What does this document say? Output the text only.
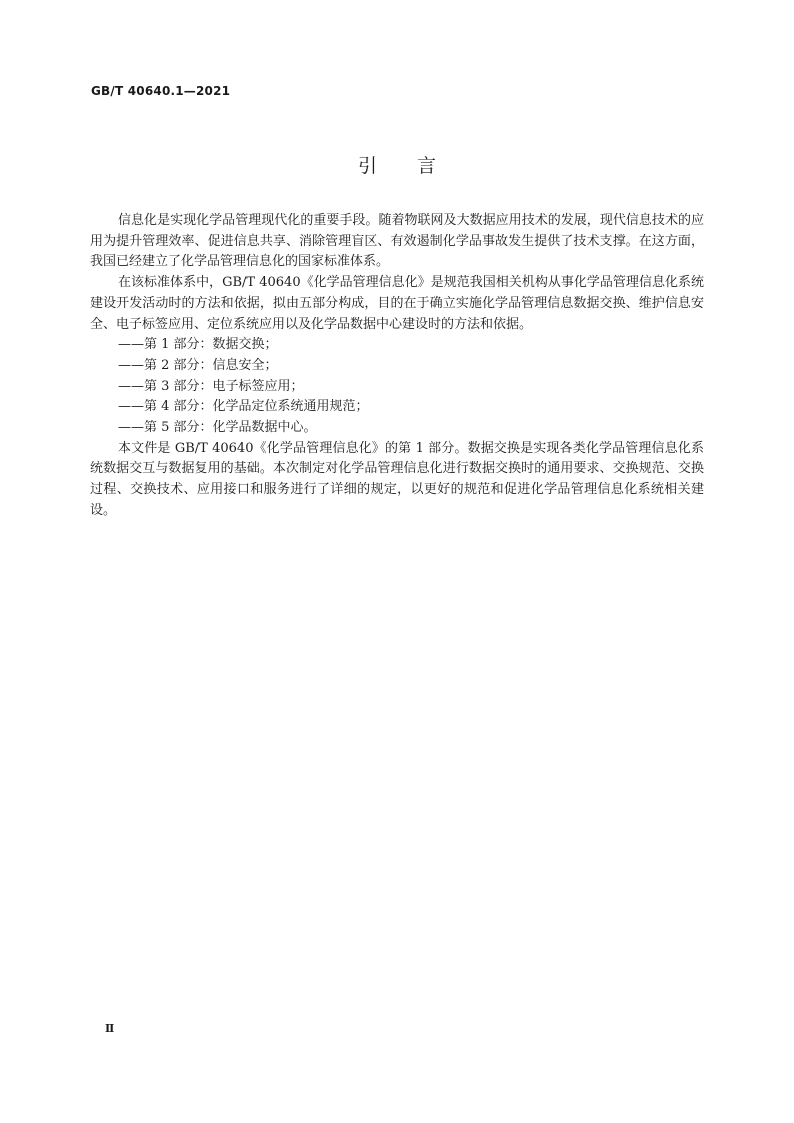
GB/T 40640.1—2021
引言

信息化是实现化学品管理现代化的重要手段。随着物联网及大数据应用技术的发展，现代信息技术的应用为提升管理效率、促进信息共享、消除管理盲区、有效遏制化学品事故发生提供了技术支撑。在这方面，我国已经建立了化学品管理信息化的国家标准体系。

在该标准体系中，GB/T 40640《化学品管理信息化》是规范我国相关机构从事化学品管理信息化系统建设开发活动时的方法和依据，拟由五部分构成，目的在于确立实施化学品管理信息数据交换、维护信息安全、电子标签应用、定位系统应用以及化学品数据中心建设时的方法和依据。

——第 1 部分：数据交换；

——第 2 部分：信息安全；

——第 3 部分：电子标签应用；

——第 4 部分：化学品定位系统通用规范；

——第 5 部分：化学品数据中心。

本文件是 GB/T 40640《化学品管理信息化》的第 1 部分。数据交换是实现各类化学品管理信息化系统数据交互与数据复用的基础。本次制定对化学品管理信息化进行数据交换时的通用要求、交换规范、交换过程、交换技术、应用接口和服务进行了详细的规定，以更好的规范和促进化学品管理信息化系统相关建设。

Ⅱ
